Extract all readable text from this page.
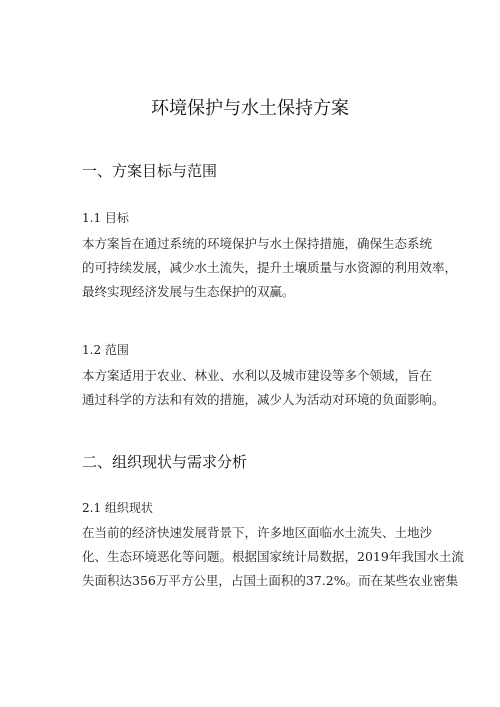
环境保护与水土保持方案
一、方案目标与范围
1.1 目标

本方案旨在通过系统的环境保护与水土保持措施，确保生态系统
的可持续发展，减少水土流失，提升土壤质量与水资源的利用效率，
最终实现经济发展与生态保护的双赢。

1.2 范围

本方案适用于农业、林业、水利以及城市建设等多个领域，旨在
通过科学的方法和有效的措施，减少人为活动对环境的负面影响。

二、组织现状与需求分析
2.1 组织现状

在当前的经济快速发展背景下，许多地区面临水土流失、土地沙
化、生态环境恶化等问题。根据国家统计局数据，2019年我国水土流
失面积达356万平方公里，占国土面积的37.2%。而在某些农业密集
